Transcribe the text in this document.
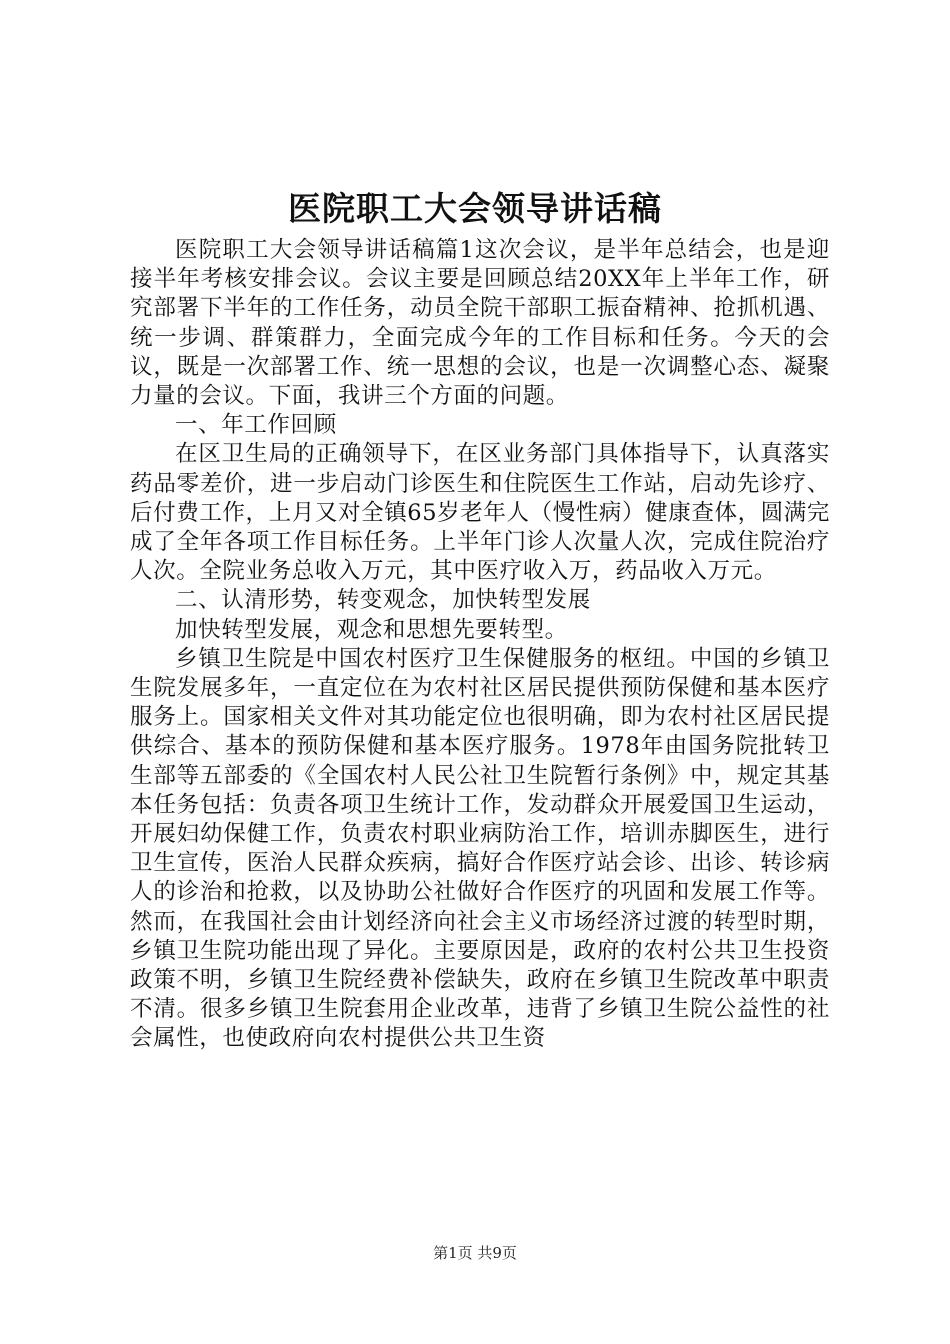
医院职工大会领导讲话稿

医院职工大会领导讲话稿篇1这次会议，是半年总结会，也是迎接半年考核安排会议。会议主要是回顾总结20XX年上半年工作，研究部署下半年的工作任务，动员全院干部职工振奋精神、抢抓机遇、统一步调、群策群力，全面完成今年的工作目标和任务。今天的会议，既是一次部署工作、统一思想的会议，也是一次调整心态、凝聚力量的会议。下面，我讲三个方面的问题。

一、年工作回顾

在区卫生局的正确领导下，在区业务部门具体指导下，认真落实药品零差价，进一步启动门诊医生和住院医生工作站，启动先诊疗、后付费工作，上月又对全镇65岁老年人（慢性病）健康查体，圆满完成了全年各项工作目标任务。上半年门诊人次量人次，完成住院治疗人次。全院业务总收入万元，其中医疗收入万，药品收入万元。

二、认清形势，转变观念，加快转型发展

加快转型发展，观念和思想先要转型。

乡镇卫生院是中国农村医疗卫生保健服务的枢纽。中国的乡镇卫生院发展多年，一直定位在为农村社区居民提供预防保健和基本医疗服务上。国家相关文件对其功能定位也很明确，即为农村社区居民提供综合、基本的预防保健和基本医疗服务。1978年由国务院批转卫生部等五部委的《全国农村人民公社卫生院暂行条例》中，规定其基本任务包括：负责各项卫生统计工作，发动群众开展爱国卫生运动，开展妇幼保健工作，负责农村职业病防治工作，培训赤脚医生，进行卫生宣传，医治人民群众疾病，搞好合作医疗站会诊、出诊、转诊病人的诊治和抢救，以及协助公社做好合作医疗的巩固和发展工作等。然而，在我国社会由计划经济向社会主义市场经济过渡的转型时期，乡镇卫生院功能出现了异化。主要原因是，政府的农村公共卫生投资政策不明，乡镇卫生院经费补偿缺失，政府在乡镇卫生院改革中职责不清。很多乡镇卫生院套用企业改革，违背了乡镇卫生院公益性的社会属性，也使政府向农村提供公共卫生资

第1页 共9页
